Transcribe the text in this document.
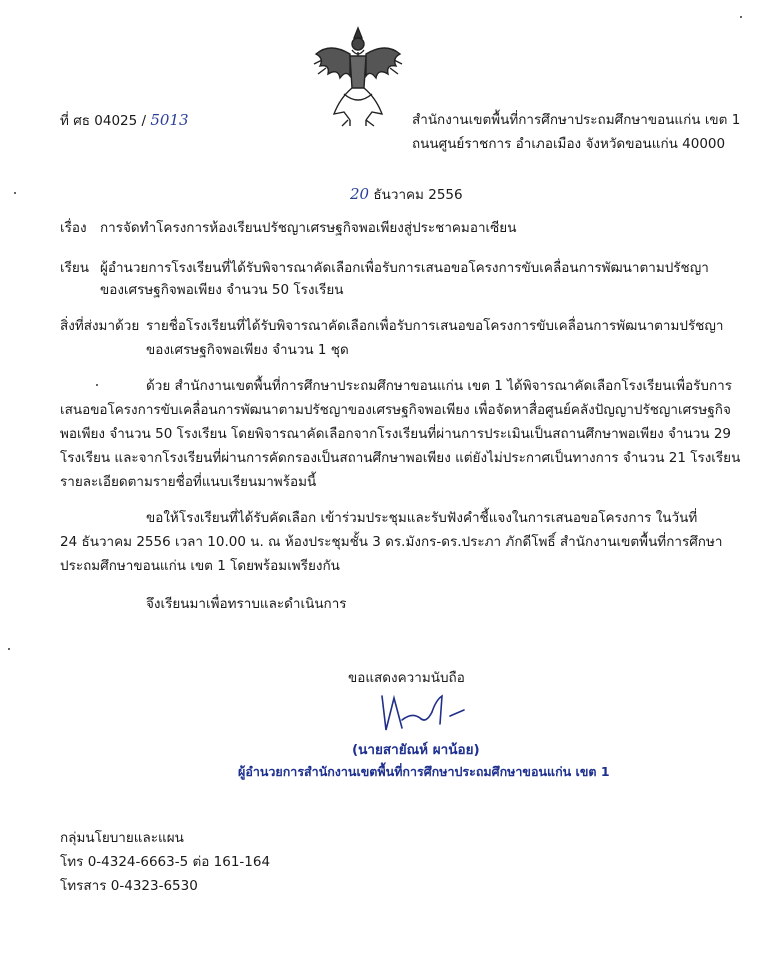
ที่ ศธ 04025 / 5013	สำนักงานเขตพื้นที่การศึกษาประถมศึกษาขอนแก่น เขต 1
ถนนศูนย์ราชการ อำเภอเมือง จังหวัดขอนแก่น 40000
20 ธันวาคม 2556
เรื่อง การจัดทำโครงการห้องเรียนปรัชญาเศรษฐกิจพอเพียงสู่ประชาคมอาเซียน
เรียน ผู้อำนวยการโรงเรียนที่ได้รับพิจารณาคัดเลือกเพื่อรับการเสนอขอโครงการขับเคลื่อนการพัฒนาตามปรัชญา
ของเศรษฐกิจพอเพียง จำนวน 50 โรงเรียน
สิ่งที่ส่งมาด้วย รายชื่อโรงเรียนที่ได้รับพิจารณาคัดเลือกเพื่อรับการเสนอขอโครงการขับเคลื่อนการพัฒนาตามปรัชญา
ของเศรษฐกิจพอเพียง จำนวน 1 ชุด
ด้วย สำนักงานเขตพื้นที่การศึกษาประถมศึกษาขอนแก่น เขต 1 ได้พิจารณาคัดเลือกโรงเรียนเพื่อรับการ
เสนอขอโครงการขับเคลื่อนการพัฒนาตามปรัชญาของเศรษฐกิจพอเพียง เพื่อจัดหาสื่อศูนย์คลังปัญญาปรัชญาเศรษฐกิจ
พอเพียง จำนวน 50 โรงเรียน โดยพิจารณาคัดเลือกจากโรงเรียนที่ผ่านการประเมินเป็นสถานศึกษาพอเพียง จำนวน 29
โรงเรียน และจากโรงเรียนที่ผ่านการคัดกรองเป็นสถานศึกษาพอเพียง แต่ยังไม่ประกาศเป็นทางการ จำนวน 21 โรงเรียน
รายละเอียดตามรายชื่อที่แนบเรียนมาพร้อมนี้
ขอให้โรงเรียนที่ได้รับคัดเลือก เข้าร่วมประชุมและรับฟังคำชี้แจงในการเสนอขอโครงการ ในวันที่
24 ธันวาคม 2556 เวลา 10.00 น. ณ ห้องประชุมชั้น 3 ดร.มังกร-ดร.ประภา ภักดีโพธิ์ สำนักงานเขตพื้นที่การศึกษา
ประถมศึกษาขอนแก่น เขต 1 โดยพร้อมเพรียงกัน
จึงเรียนมาเพื่อทราบและดำเนินการ
ขอแสดงความนับถือ
(นายสายัณห์ ผาน้อย)
ผู้อำนวยการสำนักงานเขตพื้นที่การศึกษาประถมศึกษาขอนแก่น เขต 1
กลุ่มนโยบายและแผน
โทร 0-4324-6663-5 ต่อ 161-164
โทรสาร 0-4323-6530
